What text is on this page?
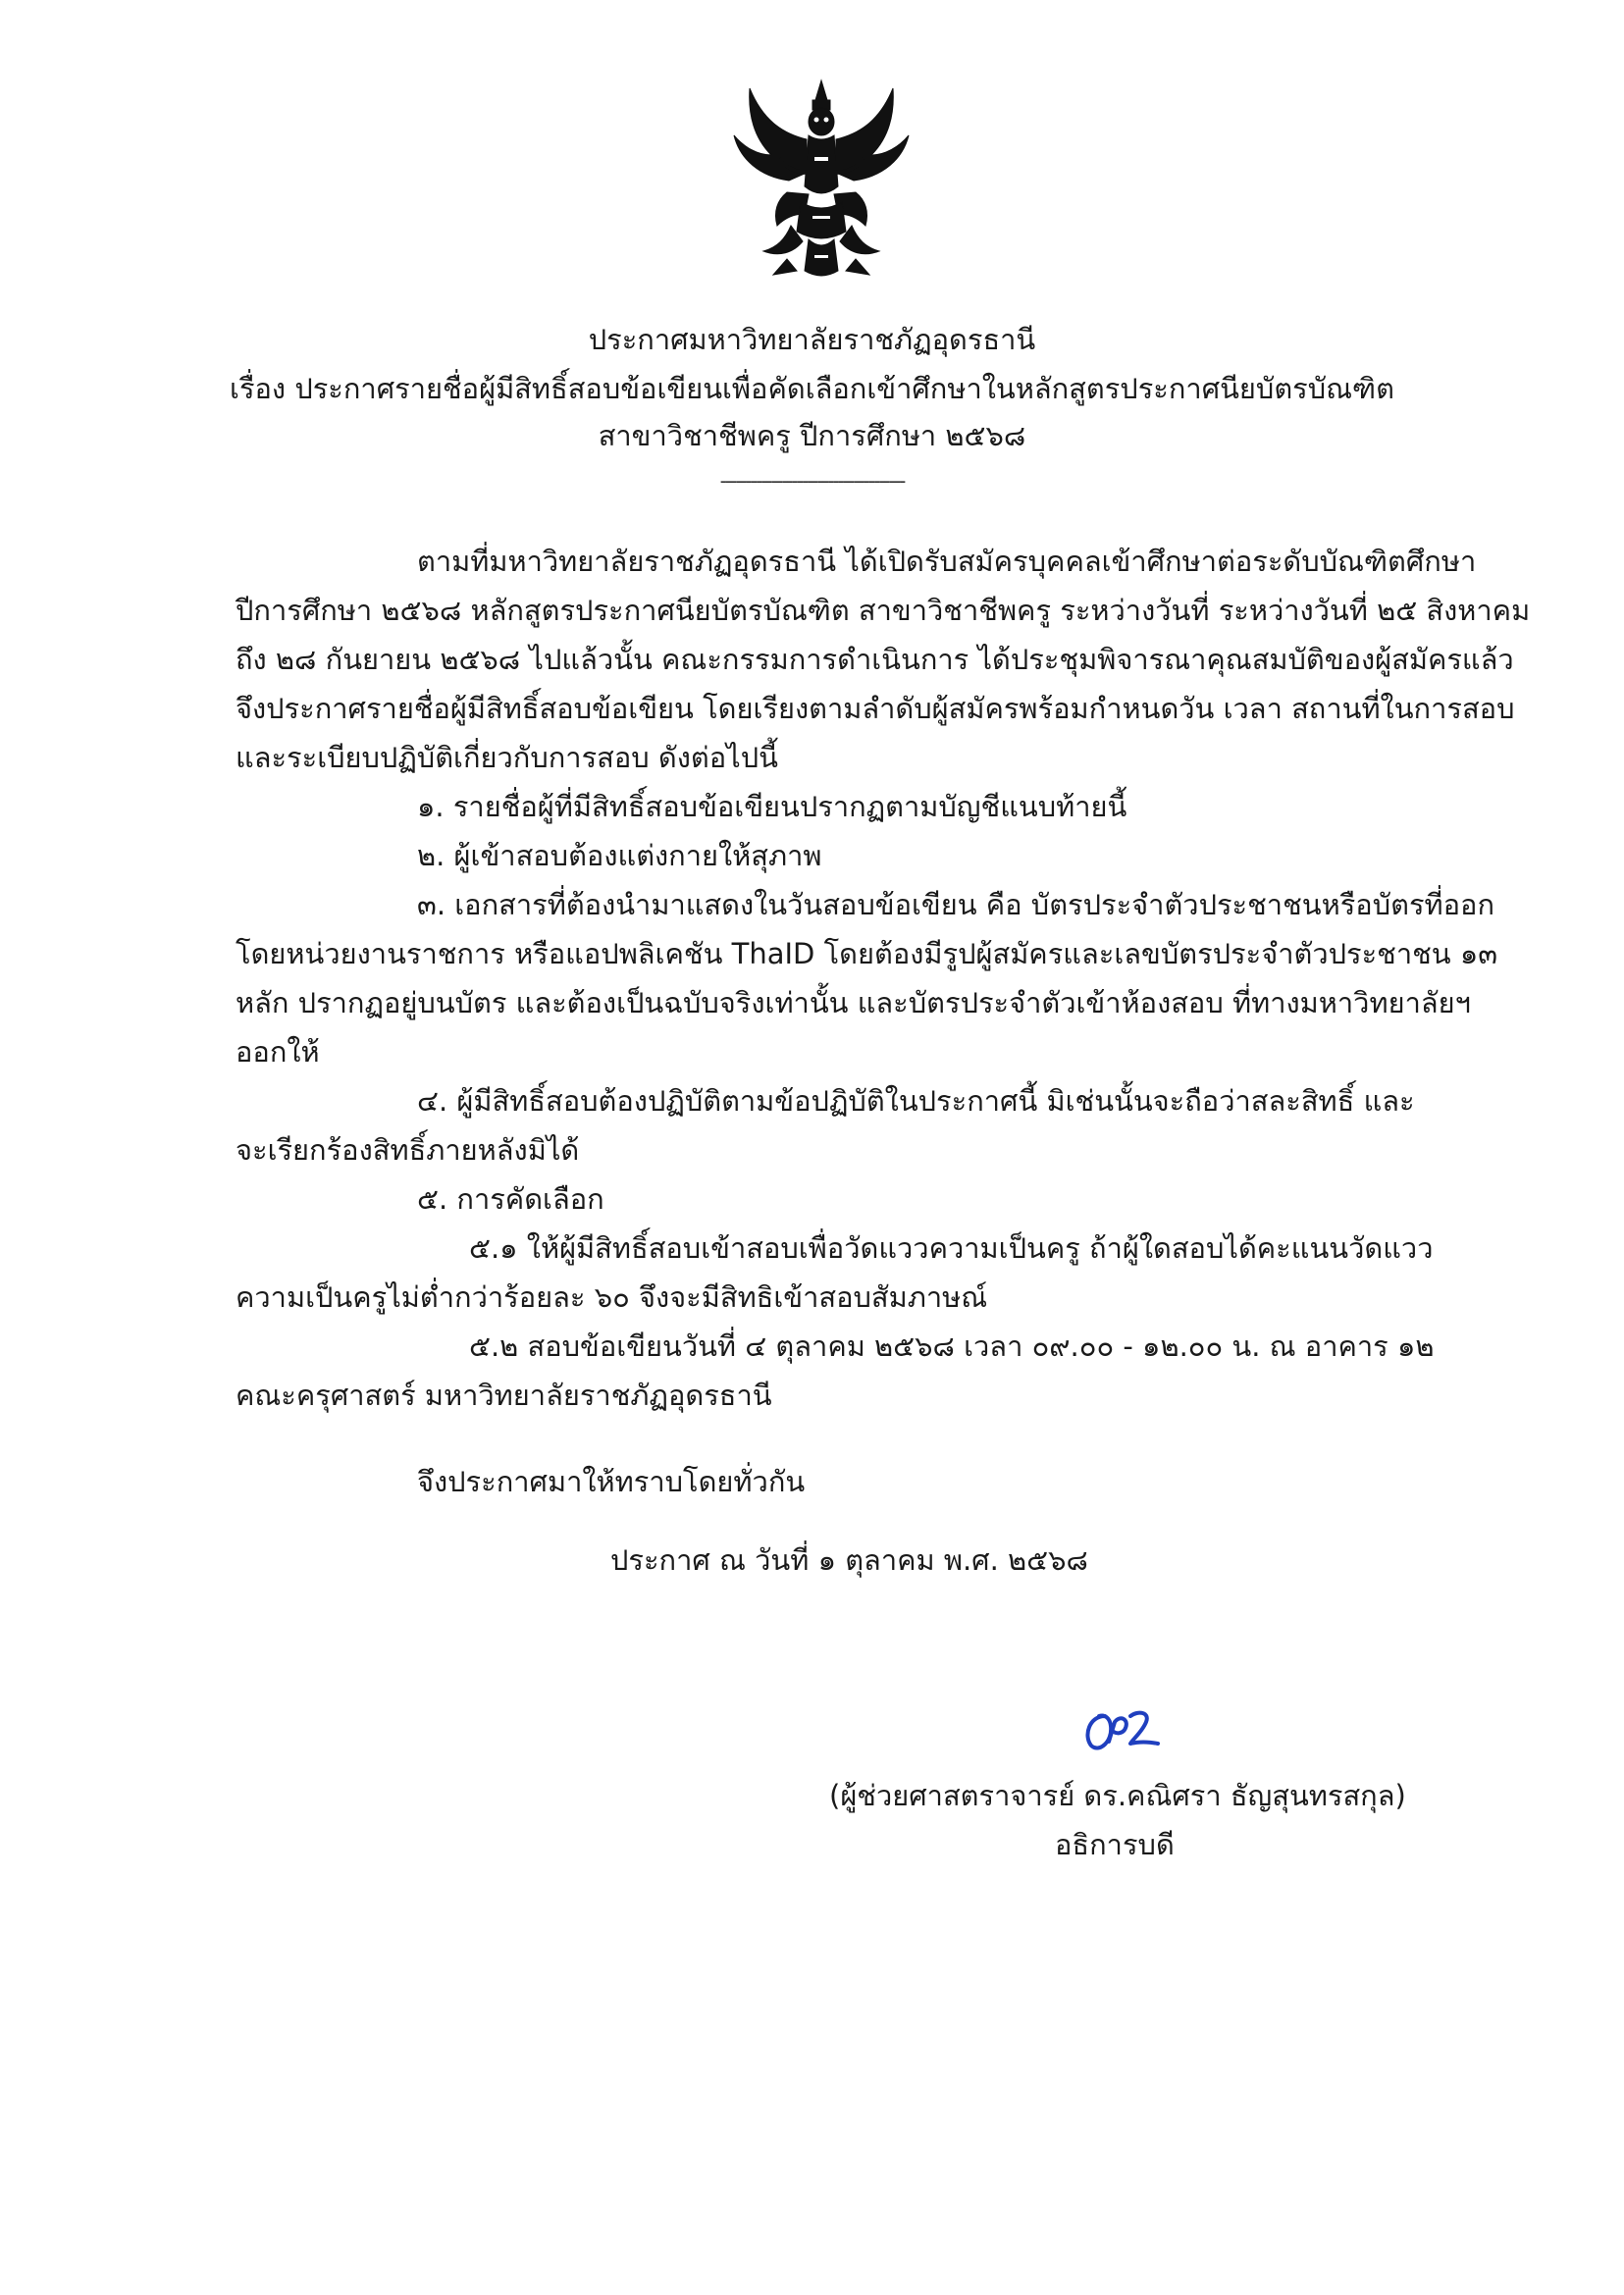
ประกาศมหาวิทยาลัยราชภัฏอุดรธานี
เรื่อง ประกาศรายชื่อผู้มีสิทธิ์สอบข้อเขียนเพื่อคัดเลือกเข้าศึกษาในหลักสูตรประกาศนียบัตรบัณฑิต
สาขาวิชาชีพครู ปีการศึกษา ๒๕๖๘
------------------------------------
ตามที่มหาวิทยาลัยราชภัฏอุดรธานี ได้เปิดรับสมัครบุคคลเข้าศึกษาต่อระดับบัณฑิตศึกษา
ปีการศึกษา ๒๕๖๘ หลักสูตรประกาศนียบัตรบัณฑิต สาขาวิชาชีพครู ระหว่างวันที่ ระหว่างวันที่ ๒๕ สิงหาคม
ถึง ๒๘ กันยายน ๒๕๖๘ ไปแล้วนั้น คณะกรรมการดำเนินการ ได้ประชุมพิจารณาคุณสมบัติของผู้สมัครแล้ว
จึงประกาศรายชื่อผู้มีสิทธิ์สอบข้อเขียน โดยเรียงตามลำดับผู้สมัครพร้อมกำหนดวัน เวลา สถานที่ในการสอบ
และระเบียบปฏิบัติเกี่ยวกับการสอบ ดังต่อไปนี้
๑. รายชื่อผู้ที่มีสิทธิ์สอบข้อเขียนปรากฏตามบัญชีแนบท้ายนี้
๒. ผู้เข้าสอบต้องแต่งกายให้สุภาพ
๓. เอกสารที่ต้องนำมาแสดงในวันสอบข้อเขียน คือ บัตรประจำตัวประชาชนหรือบัตรที่ออก
โดยหน่วยงานราชการ หรือแอปพลิเคชัน ThaID โดยต้องมีรูปผู้สมัครและเลขบัตรประจำตัวประชาชน ๑๓
หลัก ปรากฏอยู่บนบัตร และต้องเป็นฉบับจริงเท่านั้น และบัตรประจำตัวเข้าห้องสอบ ที่ทางมหาวิทยาลัยฯ
ออกให้
๔. ผู้มีสิทธิ์สอบต้องปฏิบัติตามข้อปฏิบัติในประกาศนี้ มิเช่นนั้นจะถือว่าสละสิทธิ์ และ
จะเรียกร้องสิทธิ์ภายหลังมิได้
๕. การคัดเลือก
๕.๑ ให้ผู้มีสิทธิ์สอบเข้าสอบเพื่อวัดแววความเป็นครู ถ้าผู้ใดสอบได้คะแนนวัดแวว
ความเป็นครูไม่ต่ำกว่าร้อยละ ๖๐ จึงจะมีสิทธิเข้าสอบสัมภาษณ์
๕.๒ สอบข้อเขียนวันที่ ๔ ตุลาคม ๒๕๖๘ เวลา ๐๙.๐๐ - ๑๒.๐๐ น. ณ อาคาร ๑๒
คณะครุศาสตร์ มหาวิทยาลัยราชภัฏอุดรธานี
จึงประกาศมาให้ทราบโดยทั่วกัน
ประกาศ ณ วันที่ ๑ ตุลาคม พ.ศ. ๒๕๖๘
(ผู้ช่วยศาสตราจารย์ ดร.คณิศรา ธัญสุนทรสกุล)
อธิการบดี
